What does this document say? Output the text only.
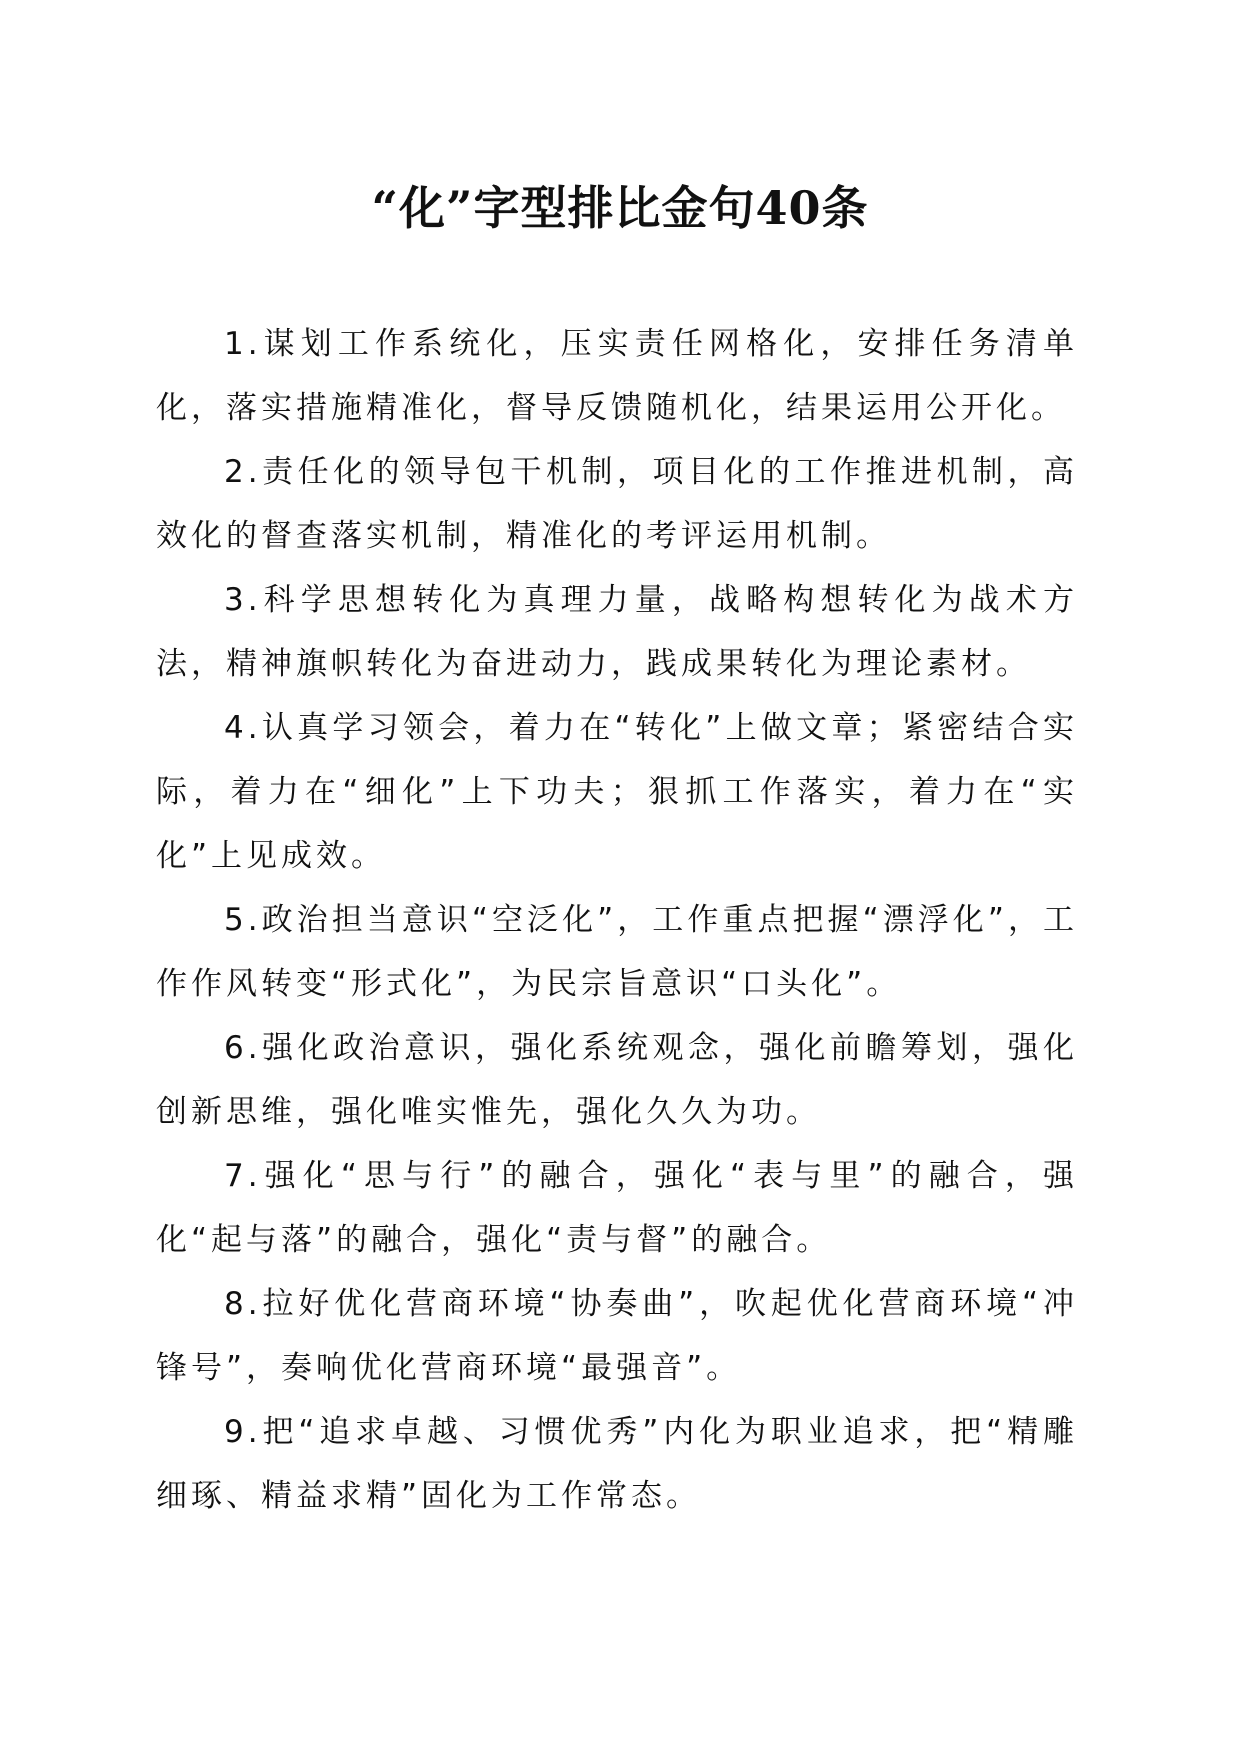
“化”字型排比金句40条

1.谋划工作系统化，压实责任网格化，安排任务清单化，落实措施精准化，督导反馈随机化，结果运用公开化。

2.责任化的领导包干机制，项目化的工作推进机制，高效化的督查落实机制，精准化的考评运用机制。

3.科学思想转化为真理力量，战略构想转化为战术方法，精神旗帜转化为奋进动力，践成果转化为理论素材。

4.认真学习领会，着力在“转化”上做文章；紧密结合实际，着力在“细化”上下功夫；狠抓工作落实，着力在“实化”上见成效。

5.政治担当意识“空泛化”，工作重点把握“漂浮化”，工作作风转变“形式化”，为民宗旨意识“口头化”。

6.强化政治意识，强化系统观念，强化前瞻筹划，强化创新思维，强化唯实惟先，强化久久为功。

7.强化“思与行”的融合，强化“表与里”的融合，强化“起与落”的融合，强化“责与督”的融合。

8.拉好优化营商环境“协奏曲”，吹起优化营商环境“冲锋号”，奏响优化营商环境“最强音”。

9.把“追求卓越、习惯优秀”内化为职业追求，把“精雕细琢、精益求精”固化为工作常态。
